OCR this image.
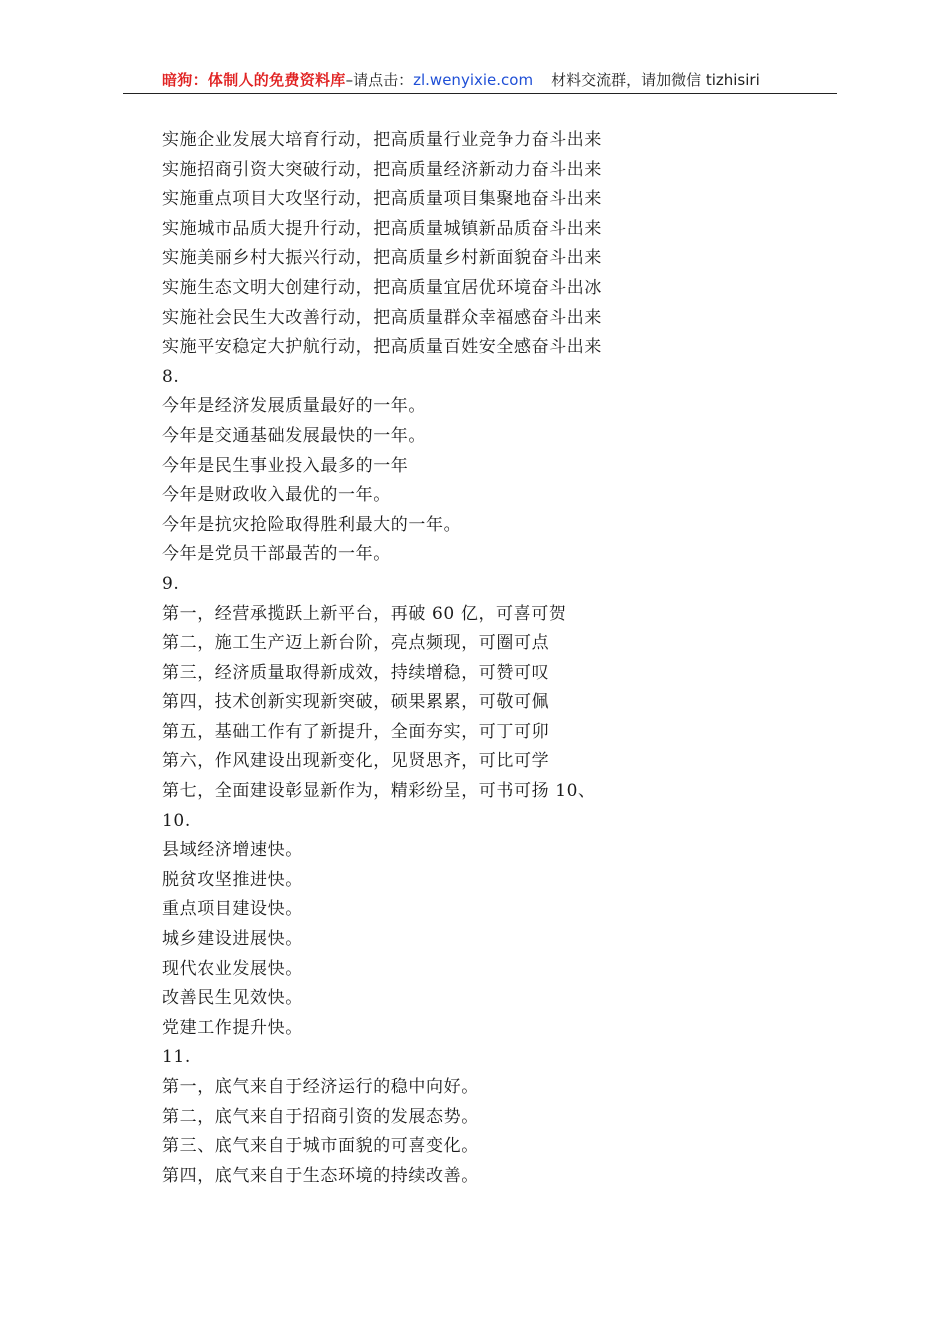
暗狗：体制人的免费资料库–请点击：zl.wenyixie.com 材料交流群，请加微信 tizhisiri
实施企业发展大培育行动，把高质量行业竞争力奋斗出来
实施招商引资大突破行动，把高质量经济新动力奋斗出来
实施重点项目大攻坚行动，把高质量项目集聚地奋斗出来
实施城市品质大提升行动，把高质量城镇新品质奋斗出来
实施美丽乡村大振兴行动，把高质量乡村新面貌奋斗出来
实施生态文明大创建行动，把高质量宜居优环境奋斗出冰
实施社会民生大改善行动，把高质量群众幸福感奋斗出来
实施平安稳定大护航行动，把高质量百姓安全感奋斗出来
8.
今年是经济发展质量最好的一年。
今年是交通基础发展最快的一年。
今年是民生事业投入最多的一年
今年是财政收入最优的一年。
今年是抗灾抢险取得胜利最大的一年。
今年是党员干部最苦的一年。
9.
第一，经营承揽跃上新平台，再破 60 亿，可喜可贺
第二，施工生产迈上新台阶，亮点频现，可圈可点
第三，经济质量取得新成效，持续增稳，可赞可叹
第四，技术创新实现新突破，硕果累累，可敬可佩
第五，基础工作有了新提升，全面夯实，可丁可卯
第六，作风建设出现新变化，见贤思齐，可比可学
第七，全面建设彰显新作为，精彩纷呈，可书可扬 10、
10.
县域经济增速快。
脱贫攻坚推进快。
重点项目建设快。
城乡建设进展快。
现代农业发展快。
改善民生见效快。
党建工作提升快。
11.
第一，底气来自于经济运行的稳中向好。
第二，底气来自于招商引资的发展态势。
第三、底气来自于城市面貌的可喜变化。
第四，底气来自于生态环境的持续改善。
